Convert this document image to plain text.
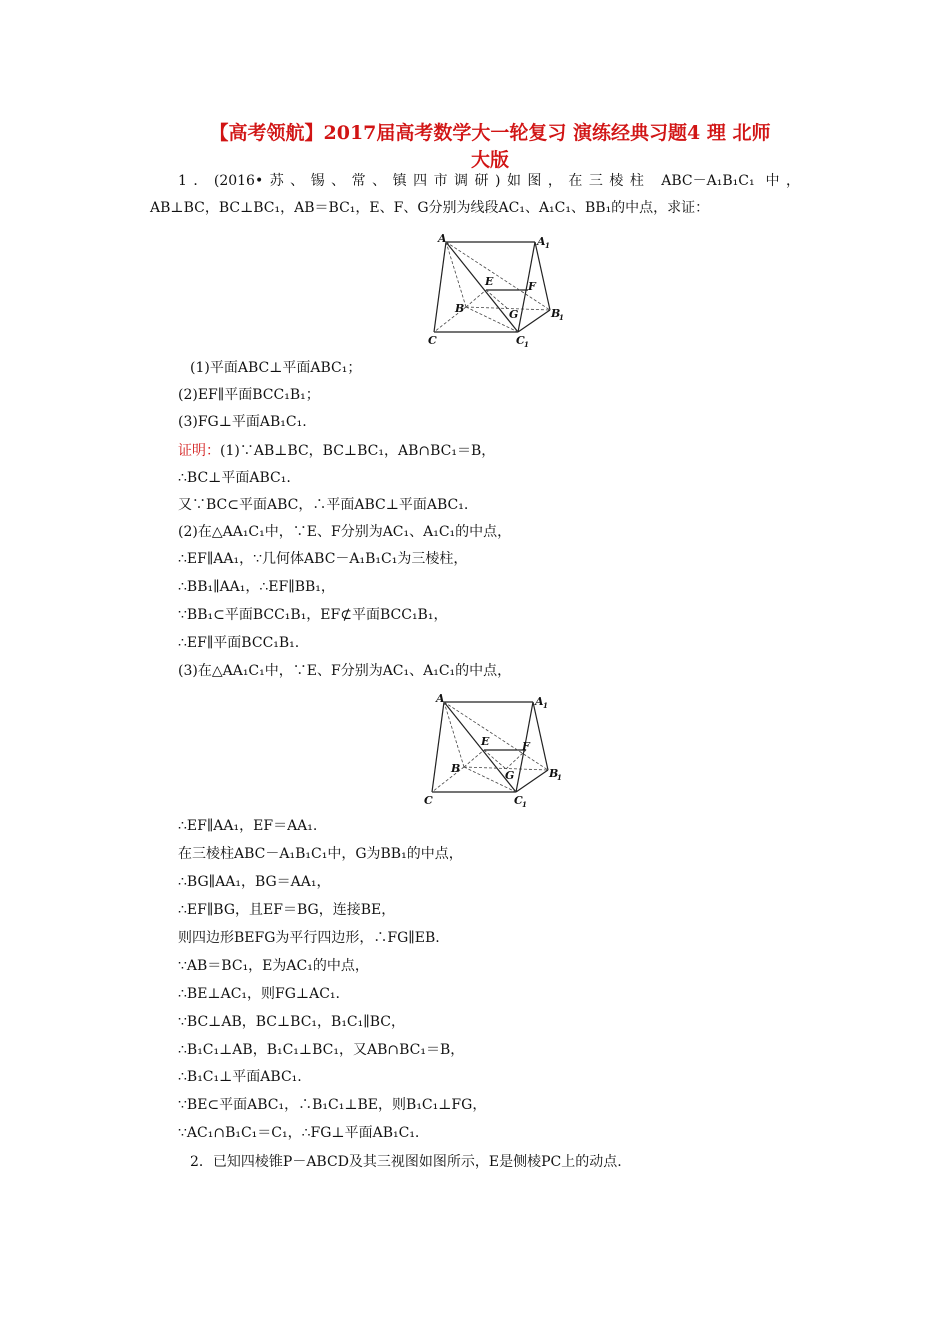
【高考领航】2017届高考数学大一轮复习 演练经典习题4 理 北师
大版
1．(2016•苏、锡、常、镇四市调研)如图，在三棱柱 ABC－A₁B₁C₁ 中，
AB⊥BC，BC⊥BC₁，AB＝BC₁，E、F、G分别为线段AC₁、A₁C₁、BB₁的中点，求证：
A	A 1
B	B
1
C	C 1
E	F
G
(1)平面ABC⊥平面ABC₁；
(2)EF∥平面BCC₁B₁；
(3)FG⊥平面AB₁C₁.
证明：(1)∵AB⊥BC，BC⊥BC₁，AB∩BC₁＝B，
∴BC⊥平面ABC₁.
又∵BC⊂平面ABC，∴平面ABC⊥平面ABC₁.
(2)在△AA₁C₁中，∵E、F分别为AC₁、A₁C₁的中点，
∴EF∥AA₁，∵几何体ABC－A₁B₁C₁为三棱柱，
∴BB₁∥AA₁，∴EF∥BB₁，
∵BB₁⊂平面BCC₁B₁，EF⊄平面BCC₁B₁，
∴EF∥平面BCC₁B₁.
(3)在△AA₁C₁中，∵E、F分别为AC₁、A₁C₁的中点，
A	A 1
B	B
1
C	C 1
E	F
G
∴EF∥AA₁，EF＝AA₁.
在三棱柱ABC－A₁B₁C₁中，G为BB₁的中点，
∴BG∥AA₁，BG＝AA₁，
∴EF∥BG，且EF＝BG，连接BE，
则四边形BEFG为平行四边形，∴FG∥EB.
∵AB＝BC₁，E为AC₁的中点，
∴BE⊥AC₁，则FG⊥AC₁.
∵BC⊥AB，BC⊥BC₁，B₁C₁∥BC，
∴B₁C₁⊥AB，B₁C₁⊥BC₁，又AB∩BC₁＝B，
∴B₁C₁⊥平面ABC₁.
∵BE⊂平面ABC₁，∴B₁C₁⊥BE，则B₁C₁⊥FG，
∵AC₁∩B₁C₁＝C₁，∴FG⊥平面AB₁C₁.
2．已知四棱锥P－ABCD及其三视图如图所示，E是侧棱PC上的动点.
